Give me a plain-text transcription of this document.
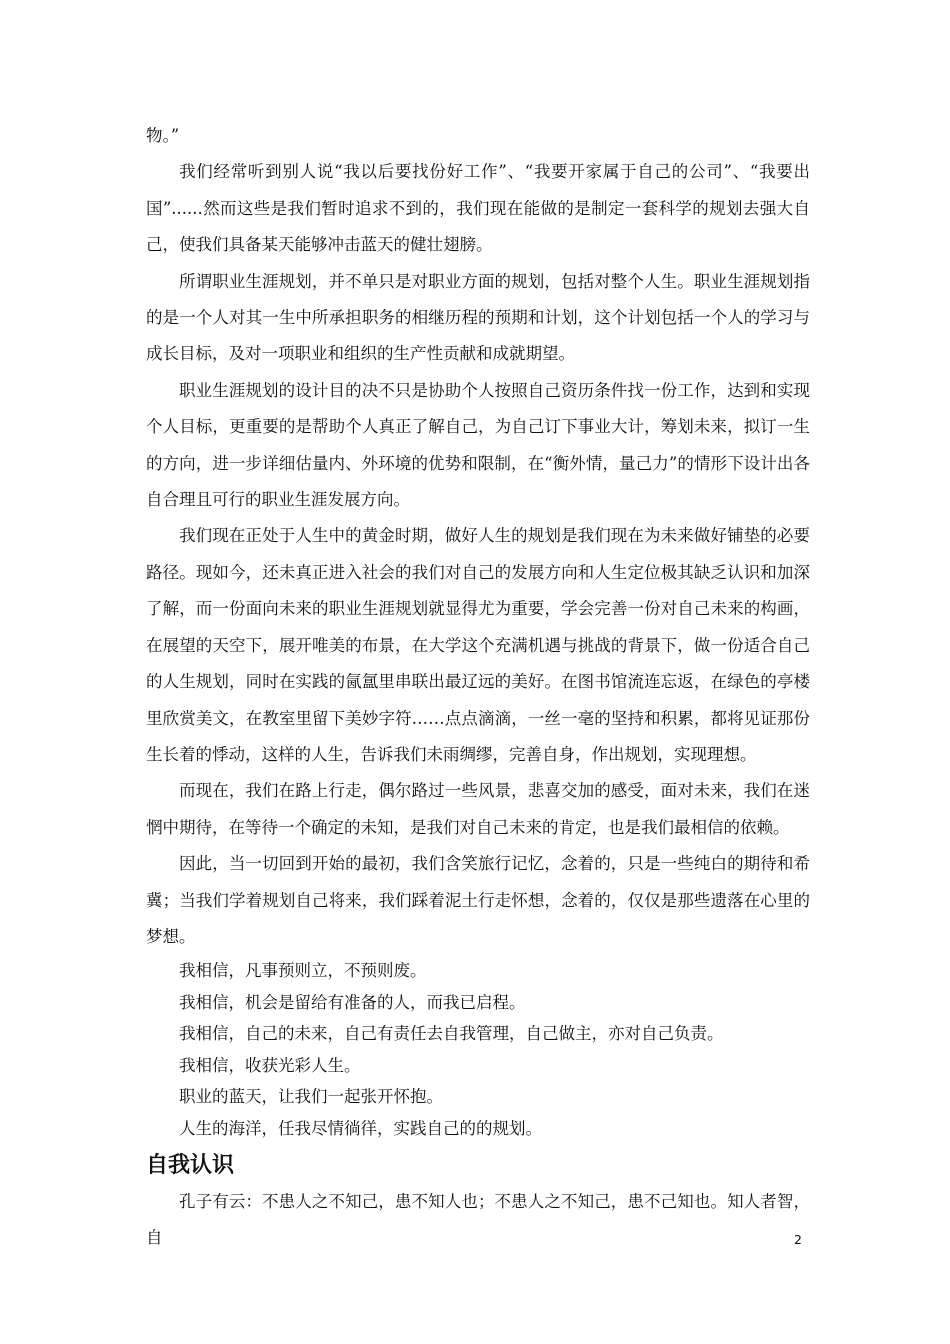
物。”

我们经常听到别人说“我以后要找份好工作”、“我要开家属于自己的公司”、“我要出国”......然而这些是我们暂时追求不到的，我们现在能做的是制定一套科学的规划去强大自己，使我们具备某天能够冲击蓝天的健壮翅膀。

所谓职业生涯规划，并不单只是对职业方面的规划，包括对整个人生。职业生涯规划指的是一个人对其一生中所承担职务的相继历程的预期和计划，这个计划包括一个人的学习与成长目标，及对一项职业和组织的生产性贡献和成就期望。

职业生涯规划的设计目的决不只是协助个人按照自己资历条件找一份工作，达到和实现个人目标，更重要的是帮助个人真正了解自己，为自己订下事业大计，筹划未来，拟订一生的方向，进一步详细估量内、外环境的优势和限制，在“衡外情，量己力”的情形下设计出各自合理且可行的职业生涯发展方向。

我们现在正处于人生中的黄金时期，做好人生的规划是我们现在为未来做好铺垫的必要路径。现如今，还未真正进入社会的我们对自己的发展方向和人生定位极其缺乏认识和加深了解，而一份面向未来的职业生涯规划就显得尤为重要，学会完善一份对自己未来的构画，在展望的天空下，展开唯美的布景，在大学这个充满机遇与挑战的背景下，做一份适合自己的人生规划，同时在实践的氤氲里串联出最辽远的美好。在图书馆流连忘返，在绿色的亭楼里欣赏美文，在教室里留下美妙字符……点点滴滴，一丝一毫的坚持和积累，都将见证那份生长着的悸动，这样的人生，告诉我们未雨绸缪，完善自身，作出规划，实现理想。

而现在，我们在路上行走，偶尔路过一些风景，悲喜交加的感受，面对未来，我们在迷惘中期待，在等待一个确定的未知，是我们对自己未来的肯定，也是我们最相信的依赖。

因此，当一切回到开始的最初，我们含笑旅行记忆，念着的，只是一些纯白的期待和希冀；当我们学着规划自己将来，我们踩着泥土行走怀想，念着的，仅仅是那些遗落在心里的梦想。

我相信，凡事预则立，不预则废。

我相信，机会是留给有准备的人，而我已启程。

我相信，自己的未来，自己有责任去自我管理，自己做主，亦对自己负责。

我相信，收获光彩人生。

职业的蓝天，让我们一起张开怀抱。

人生的海洋，任我尽情徜徉，实践自己的的规划。

自我认识

孔子有云：不患人之不知己，患不知人也；不患人之不知己，患不己知也。知人者智，自	2
